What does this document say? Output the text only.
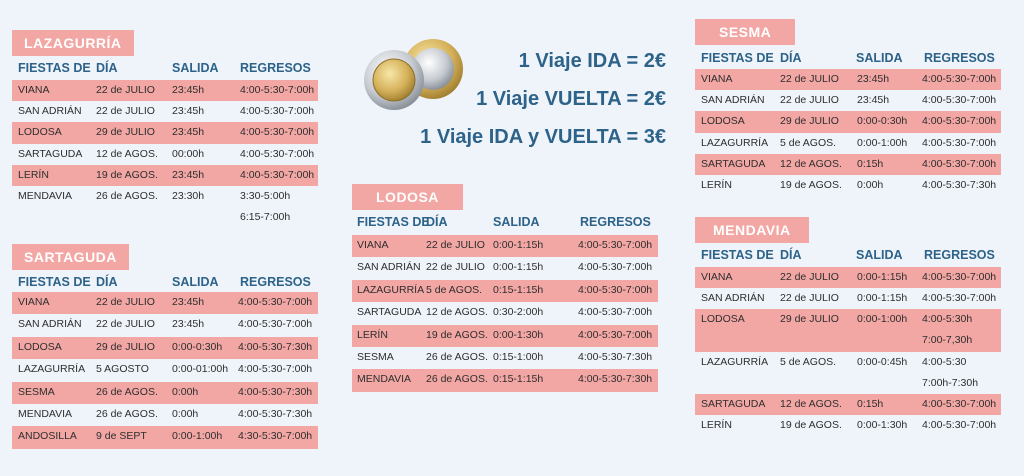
LAZAGURRÍA
FIESTAS DE DÍA	SALIDA REGRESOS
VIANA	22 de JULIO 23:45h	4:00-5:30-7:00h
SAN ADRIÁN 22 de JULIO 23:45h	4:00-5:30-7:00h
LODOSA	29 de JULIO 23:45h	4:00-5:30-7:00h
SARTAGUDA 12 de AGOS. 00:00h	4:00-5:30-7:00h
LERÍN	19 de AGOS. 23:45h	4:00-5:30-7:00h
MENDAVIA 26 de AGOS. 23:30h	3:30-5:00h
6:15-7:00h
SARTAGUDA
FIESTAS DE DÍA	SALIDA REGRESOS
VIANA	22 de JULIO 23:45h	4:00-5:30-7:00h
SAN ADRIÁN 22 de JULIO 23:45h	4:00-5:30-7:00h
LODOSA	29 de JULIO 0:00-0:30h 4:00-5:30-7:30h
LAZAGURRÍA 5 AGOSTO 0:00-01:00h 4:00-5:30-7:00h
SESMA	26 de AGOS. 0:00h	4:00-5:30-7:30h
MENDAVIA 26 de AGOS. 0:00h	4:00-5:30-7:30h
ANDOSILLA 9 de SEPT 0:00-1:00h 4:30-5:30-7:00h
1 Viaje IDA = 2€
1 Viaje VUELTA = 2€
1 Viaje IDA y VUELTA = 3€
LODOSA
FIESTAS DE
DÍA	SALIDA	REGRESOS
VIANA	22 de JULIO 0:00-1:15h	4:00-5:30-7:00h
SAN ADRIÁN 22 de JULIO 0:00-1:15h	4:00-5:30-7:00h
LAZAGURRÍA 5 de AGOS. 0:15-1:15h	4:00-5:30-7:00h
SARTAGUDA 12 de AGOS. 0:30-2:00h	4:00-5:30-7:00h
LERÍN	19 de AGOS. 0:00-1:30h	4:00-5:30-7:00h
SESMA	26 de AGOS. 0:15-1:00h	4:00-5:30-7:30h
MENDAVIA 26 de AGOS. 0:15-1:15h	4:00-5:30-7:30h
SESMA
FIESTAS DE DÍA	SALIDA REGRESOS
VIANA	22 de JULIO 23:45h	4:00-5:30-7:00h
SAN ADRIÁN 22 de JULIO 23:45h	4:00-5:30-7:00h
LODOSA	29 de JULIO 0:00-0:30h 4:00-5:30-7:00h
LAZAGURRÍA 5 de AGOS. 0:00-1:00h 4:00-5:30-7:00h
SARTAGUDA 12 de AGOS. 0:15h	4:00-5:30-7:00h
LERÍN	19 de AGOS. 0:00h	4:00-5:30-7:30h
MENDAVIA
FIESTAS DE DÍA	SALIDA REGRESOS
VIANA	22 de JULIO 0:00-1:15h 4:00-5:30-7:00h
SAN ADRIÁN 22 de JULIO 0:00-1:15h 4:00-5:30-7:00h
LODOSA	29 de JULIO 0:00-1:00h 4:00-5:30h
7:00-7,30h
LAZAGURRÍA 5 de AGOS. 0:00-0:45h 4:00-5:30
7:00h-7:30h
SARTAGUDA 12 de AGOS. 0:15h	4:00-5:30-7:00h
LERÍN	19 de AGOS. 0:00-1:30h 4:00-5:30-7:00h
